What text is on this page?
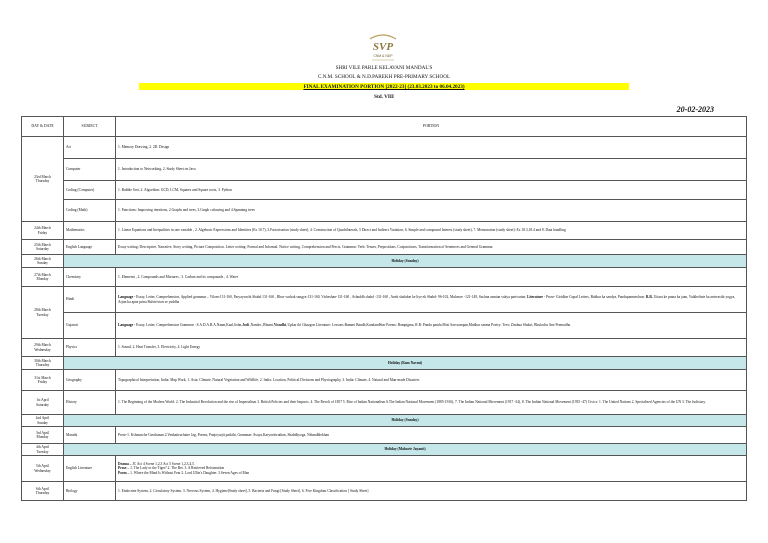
SVP
CNM & NDP
SHRI VILE PARLE KELAVANI MANDAL'S
C.N.M. SCHOOL & N.D.PAREKH PRE-PRIMARY SCHOOL
FINAL EXAMINATION PORTION [2022-23] (23.03.2023 to 06.04.2023)
Std. VIII
20-02-2023
DAY & DATE	SUBJECT	PORTION
23rd March
Thursday	Art	1. Memory Drawing, 2. 2D. Design
	Computer	1. Introduction to Networking, 2. Study Sheet on Java
	Coding (Computer)	1. Bubble Sort, 2. Algorithm: GCD, LCM, Squares and Square roots, 3. Python
	Coding (Math)	1. Functions: Improving iterations, 2.Graphs and trees, 3.Graph colouring and 4.Spanning trees
24th March
Friday	Mathematics	1. Linear Equations and Inequalities in one variable , 2. Algebraic Expressions and Identities (Ex 10.7), 3.Factorisation (study sheet), 4. Construction of Quadrilaterals, 5 Direct and Indirect Variation, 6. Simple and compound Interest (study sheet), 7. Mensuration (study sheet): Ex 18.3,18.4 and 8. Data handling
25th March
Saturday	English Language	Essay writing: Descriptive, Narrative, Story writing, Picture Composition. Letter writing: Formal and Informal. Notice writing, Comprehension and Precis, Grammar: Verb: Tenses, Prepositions, Conjunctions, Transformation of Sentences and General Grammar
26th March
Sunday	Holiday (Sunday)	
27th March
Monday	Chemistry	1. Elements , 2. Compounds and Mixtures , 3. Carbon and its compounds , 4. Water
28th March
Tuesday	Hindi	Language - Essay, Letter, Comprehension, Applied grammar – Vilom-131-160, Paryayvachi Shabd 131-160 , Bhav vachak sangya-131-160, Visheshan-131-160 , Ashuddh shabd -131-160 , Anek shabdon ke liye ek Shabd- 96-102, Muhavre -121-149, Sachna asmian vakya parivartan. Literature - Prose- Giridhar Gopal Letters, Bahkar ka sandya, Pandupanmeshvar. R.R. Uttara ke prana ka jaan, Vaikhelinte ka antrvasthi yogya, Arjun ka apne prina Balvirivion se yuddha
	Gujarati	Language - Essay, Letter, Comprehension Grammar : S.A.D.A.R.A.Naam,Kaal,Sohn,Jodi ,Nandes ,Bhumi,Visudhi, Upkar thi Ghazgon Literature: Lessons:Bammi Bandh,KundandStar Poems: Bampigma, R.R: Pandu pandu Moti Sarvsampan,Madhur sanma Poetry: Trew Zimbua Shukri, Bhulachu Ane Premudhu
29th March
Wednesday	Physics	1. Sound, 2. Heat Transfer, 3. Electricity, 4. Light Energy
30th March
Thursday	Holiday (Ram Navmi)	
31st March
Friday	Geography	Topographical Interpretation, India: Map Work, 1. Asia: Climate, Natural Vegetation and Wildlife, 2. India: Location, Political Divisions and Physiography, 3. India: Climate, 4. Natural and Man-made Disasters
1st April
Saturday	History	1. The Beginning of the Modern World. 2. The Industrial Revolution and the rise of Imperialism 3. British Policies and their Impacts. 4. The Revolt of 1857 5. Rise of Indian Nationalism 6.The Indian National Movement (1885-1916), 7. The Indian National Movement (1917 -34), 8. The Indian National Movement (1935 -47) Civics: 1. The United Nations 2. Specialised Agencies of the UN 3. The Judiciary.
2nd April
Sunday	Holiday (Sunday)	
3rd April
Monday	Marathi	Prose-1. Kshmasche Gavthanan 2.Venkatiruchaire Jag, Poems, Panjoyarjit patkthi, Grammar: Avaya,Karyavittruthan, Shabdhyoga, Nibandhlekhan
4th April
Tuesday	Holiday (Mahavir Jayanti)	
5th April
Wednesday	English Literature	Drama – JC Act 4 Scene 1,2,3 Act 5 Scene 1,2,3,4,5.
Prose – 1. The Lady or the Tiger? 2. The Bet. 3. A Retrieved Reformation
Poem – 1. Where the Mind Is Without Fear 2. Lord Ullin's Daughter. 3.Seven Ages of Man
6th April
Thursday	Biology	1. Endocrine System, 2. Circulatory System, 3. Nervous System, 4. Hygiene[Study sheet], 5. Bacteria and Fungi [Study Sheet], 6. Five Kingdom Classification [ Study Sheet]
